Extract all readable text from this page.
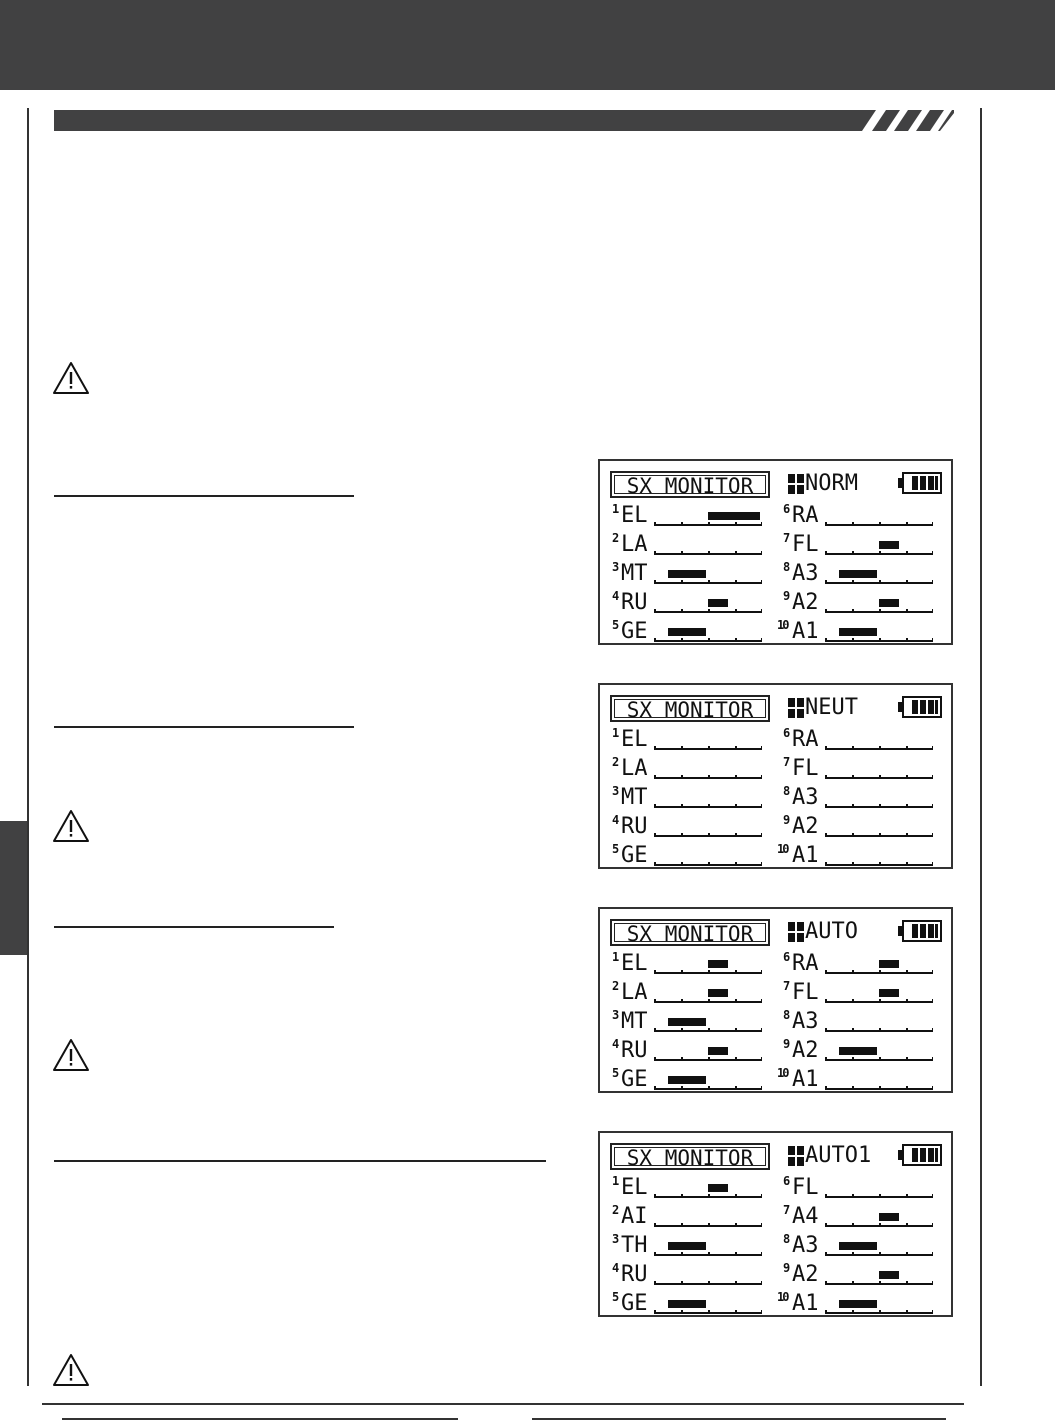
SX MONITOR	NORM
1 EL
2 LA
3 MT
4 RU
5 GE
6 RA
7 FL
8 A3
9 A2
10 A1
SX MONITOR	NEUT
1 EL
2 LA
3 MT
4 RU
5 GE
6 RA
7 FL
8 A3
9 A2
10 A1
SX MONITOR	AUTO
1 EL
2 LA
3 MT
4 RU
5 GE
6 RA
7 FL
8 A3
9 A2
10 A1
SX MONITOR	AUTO1
1 EL
2 AI
3 TH
4 RU
5 GE
6 FL
7 A4
8 A3
9 A2
10 A1
